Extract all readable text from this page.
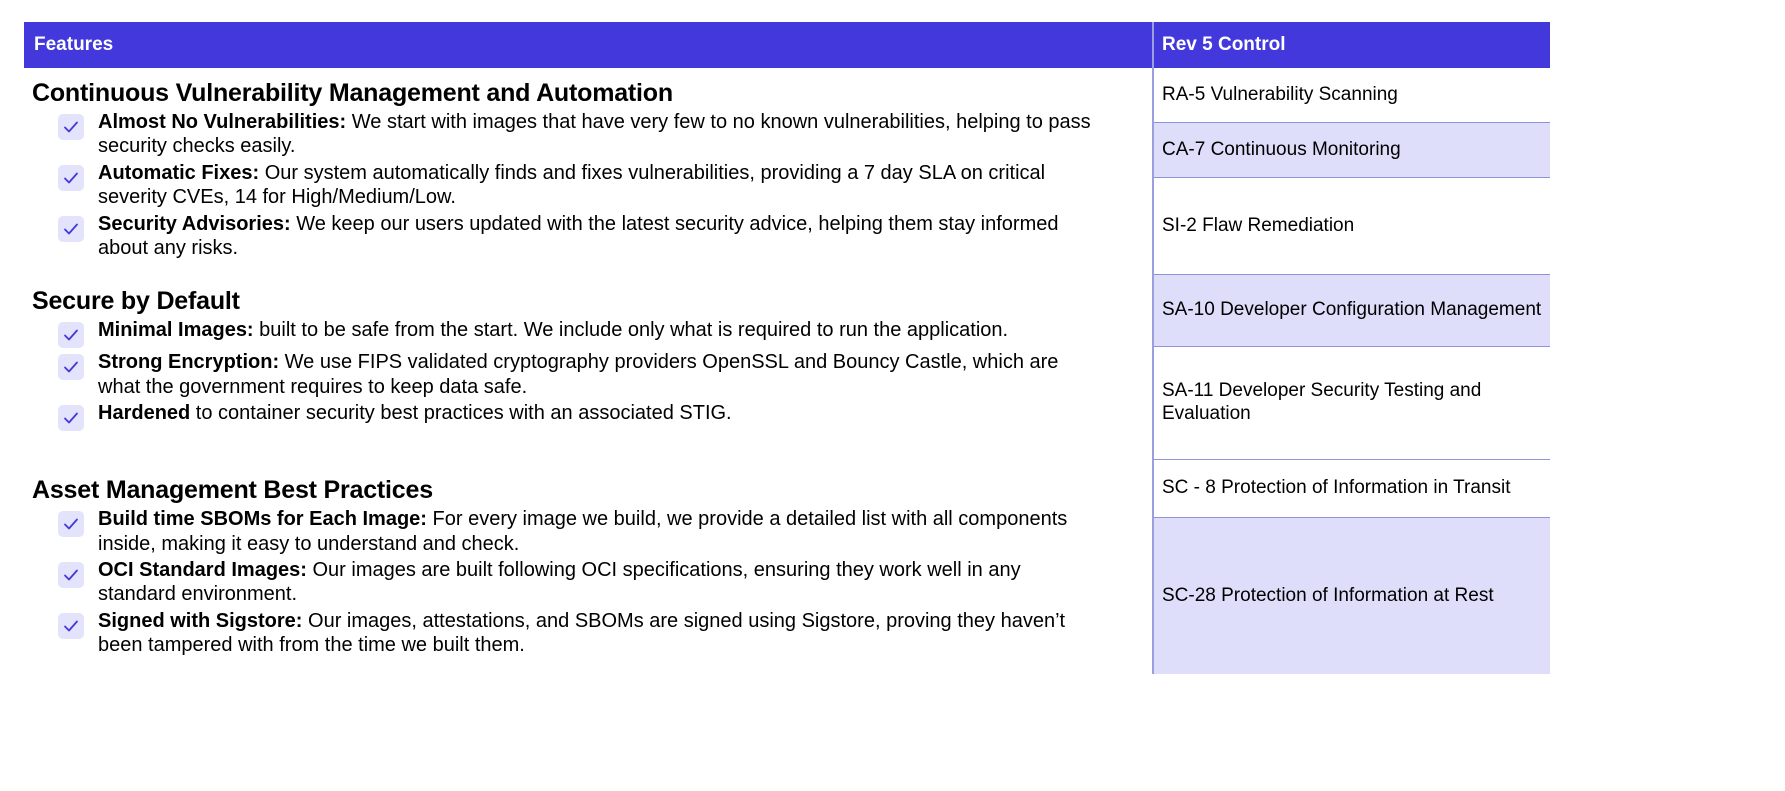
Features
Continuous Vulnerability Management and Automation
Almost No Vulnerabilities: We start with images that have very few to no known vulnerabilities, helping to pass security checks easily.
Automatic Fixes: Our system automatically finds and fixes vulnerabilities, providing a 7 day SLA on critical severity CVEs, 14 for High/Medium/Low.
Security Advisories: We keep our users updated with the latest security advice, helping them stay informed about any risks.
Secure by Default
Minimal Images: built to be safe from the start. We include only what is required to run the application.
Strong Encryption: We use FIPS validated cryptography providers OpenSSL and Bouncy Castle, which are what the government requires to keep data safe.
Hardened to container security best practices with an associated STIG.
Asset Management Best Practices
Build time SBOMs for Each Image: For every image we build, we provide a detailed list with all components inside, making it easy to understand and check.
OCI Standard Images: Our images are built following OCI specifications, ensuring they work well in any standard environment.
Signed with Sigstore: Our images, attestations, and SBOMs are signed using Sigstore, proving they haven’t been tampered with from the time we built them.
Rev 5 Control
RA-5 Vulnerability Scanning
CA-7 Continuous Monitoring
SI-2 Flaw Remediation
SA-10 Developer Configuration Management
SA-11 Developer Security Testing and Evaluation
SC - 8 Protection of Information in Transit
SC-28 Protection of Information at Rest
